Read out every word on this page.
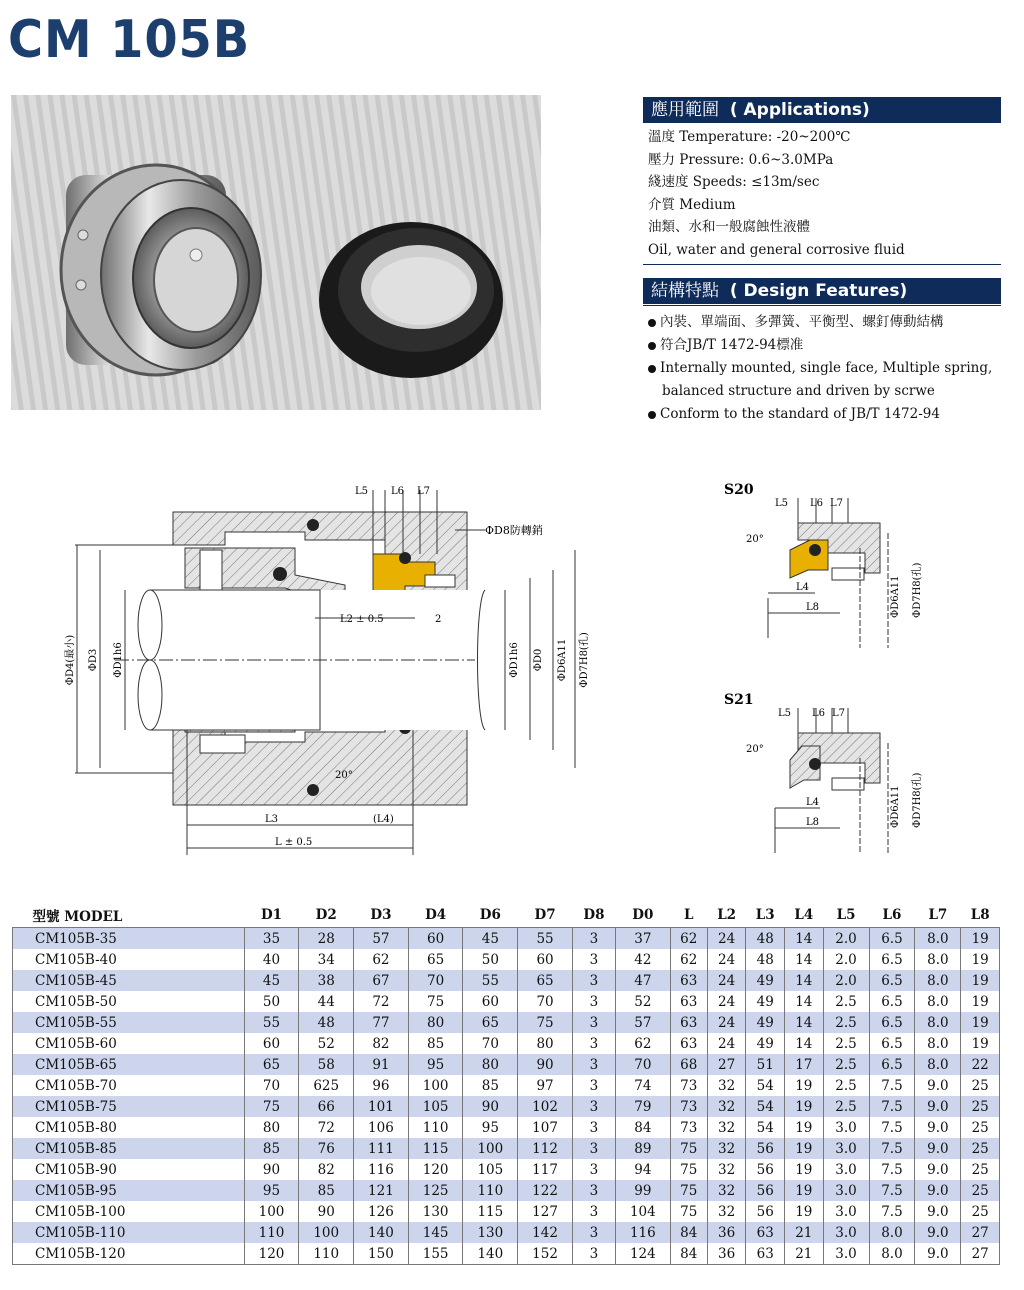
CM 105B
應用範圍 ( Applications)
溫度 Temperature: -20~200℃
壓力 Pressure: 0.6~3.0MPa
綫速度 Speeds: ≤13m/sec
介質 Medium
油類、水和一般腐蝕性液體
Oil, water and general corrosive fluid
結構特點 ( Design Features)
內裝、單端面、多彈簧、平衡型、螺釘傳動結構
符合JB/T 1472-94標准
Internally mounted, single face, Multiple spring,
balanced structure and driven by scrwe
Conform to the standard of JB/T 1472-94
L5 L6 L7
ΦD8防轉銷
L2 ± 0.5	2
ΦD4(最小) ΦD3 ΦD1h6	ΦD1h6 ΦD0 ΦD6A11 ΦD7H8(孔)
20°
L3	(L4)
L ± 0.5
S20
L5 L6 L7
20°
L4
L8	ΦD6A11 ΦD7H8(孔)
S21
L5 L6 L7
20°
L4
L8	ΦD6A11 ΦD7H8(孔)
型號 MODEL	D1	D2	D3	D4	D6	D7	D8	D0	L	L2	L3	L4	L5	L6	L7	L8
CM105B-35	35	28	57	60	45	55	3	37	62	24	48	14	2.0	6.5	8.0	19
CM105B-40	40	34	62	65	50	60	3	42	62	24	48	14	2.0	6.5	8.0	19
CM105B-45	45	38	67	70	55	65	3	47	63	24	49	14	2.0	6.5	8.0	19
CM105B-50	50	44	72	75	60	70	3	52	63	24	49	14	2.5	6.5	8.0	19
CM105B-55	55	48	77	80	65	75	3	57	63	24	49	14	2.5	6.5	8.0	19
CM105B-60	60	52	82	85	70	80	3	62	63	24	49	14	2.5	6.5	8.0	19
CM105B-65	65	58	91	95	80	90	3	70	68	27	51	17	2.5	6.5	8.0	22
CM105B-70	70	625	96	100	85	97	3	74	73	32	54	19	2.5	7.5	9.0	25
CM105B-75	75	66	101	105	90	102	3	79	73	32	54	19	2.5	7.5	9.0	25
CM105B-80	80	72	106	110	95	107	3	84	73	32	54	19	3.0	7.5	9.0	25
CM105B-85	85	76	111	115	100	112	3	89	75	32	56	19	3.0	7.5	9.0	25
CM105B-90	90	82	116	120	105	117	3	94	75	32	56	19	3.0	7.5	9.0	25
CM105B-95	95	85	121	125	110	122	3	99	75	32	56	19	3.0	7.5	9.0	25
CM105B-100	100	90	126	130	115	127	3	104	75	32	56	19	3.0	7.5	9.0	25
CM105B-110	110	100	140	145	130	142	3	116	84	36	63	21	3.0	8.0	9.0	27
CM105B-120	120	110	150	155	140	152	3	124	84	36	63	21	3.0	8.0	9.0	27
